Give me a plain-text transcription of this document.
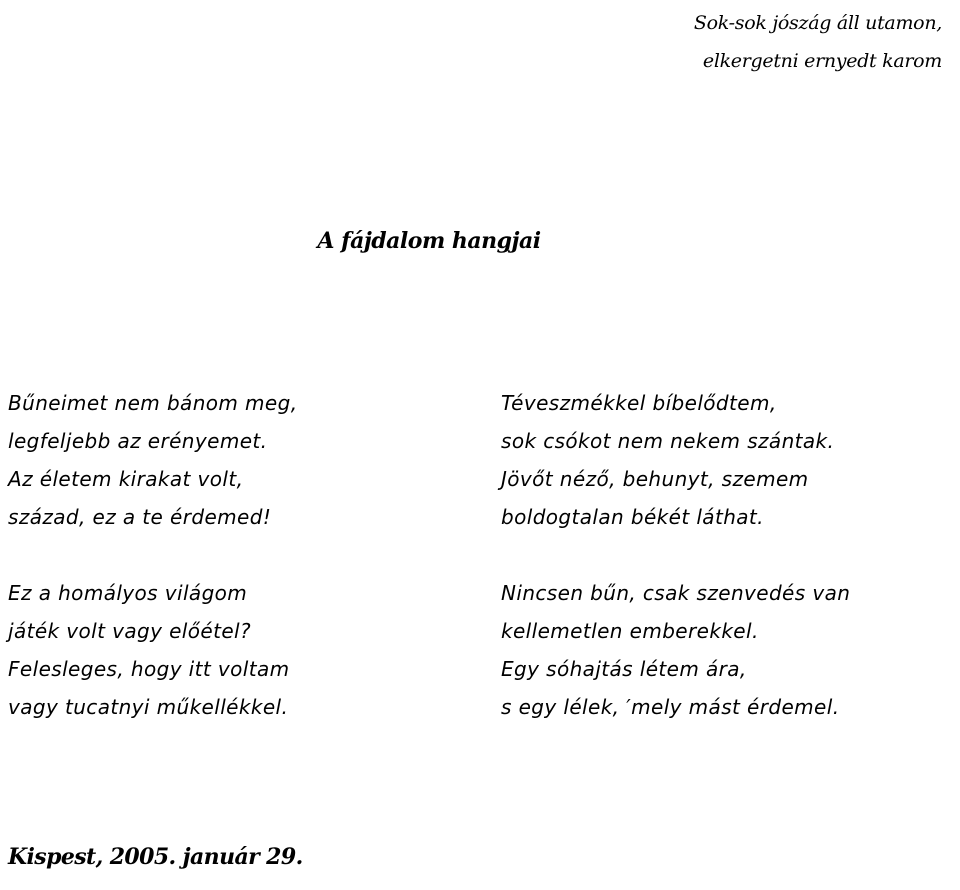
Sok-sok jószág áll utamon,
elkergetni ernyedt karom
A fájdalom hangjai
Bűneimet nem bánom meg,
legfeljebb az erényemet.
Az életem kirakat volt,
század, ez a te érdemed!
Ez a homályos világom
játék volt vagy előétel?
Felesleges, hogy itt voltam
vagy tucatnyi műkellékkel.
Téveszmékkel bíbelődtem,
sok csókot nem nekem szántak.
Jövőt néző, behunyt, szemem
boldogtalan békét láthat.
Nincsen bűn, csak szenvedés van
kellemetlen emberekkel.
Egy sóhajtás létem ára,
s egy lélek, ′mely mást érdemel.
Kispest, 2005. január 29.
